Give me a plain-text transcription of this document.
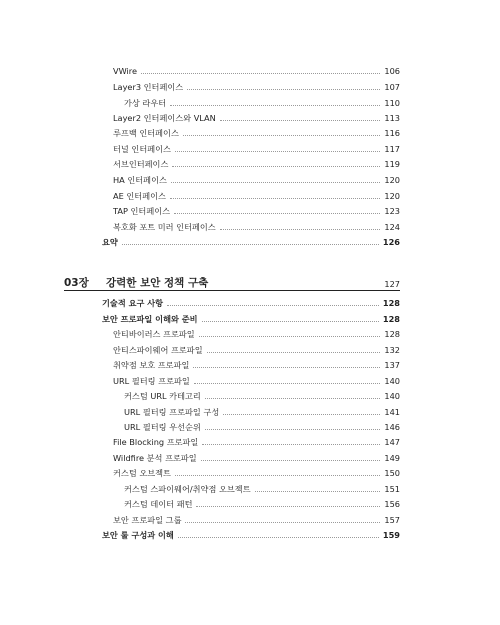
VWire	106
Layer3 인터페이스	107
가상 라우터	110
Layer2 인터페이스와 VLAN	113
루프백 인터페이스	116
터널 인터페이스	117
서브인터페이스	119
HA 인터페이스	120
AE 인터페이스	120
TAP 인터페이스	123
복호화 포트 미러 인터페이스	124
요약	126
03장	강력한 보안 정책 구축	127
기술적 요구 사항	128
보안 프로파일 이해와 준비	128
안티바이러스 프로파일	128
안티스파이웨어 프로파일	132
취약점 보호 프로파일	137
URL 필터링 프로파일	140
커스텀 URL 카테고리	140
URL 필터링 프로파일 구성	141
URL 필터링 우선순위	146
File Blocking 프로파일	147
Wildfire 분석 프로파일	149
커스텀 오브젝트	150
커스텀 스파이웨어/취약점 오브젝트	151
커스텀 데이터 패턴	156
보안 프로파일 그룹	157
보안 룰 구성과 이해	159
